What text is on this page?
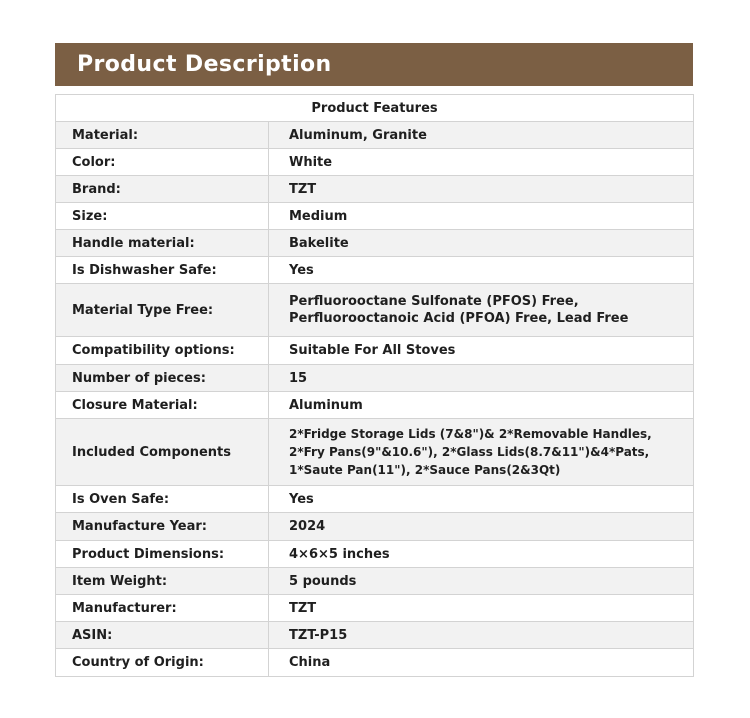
Product Description
Product Features	
Material:	Aluminum, Granite
Color:	White
Brand:	TZT
Size:	Medium
Handle material:	Bakelite
Is Dishwasher Safe:	Yes
Material Type Free:	Perfluorooctane Sulfonate (PFOS) Free,
Perfluorooctanoic Acid (PFOA) Free, Lead Free

Compatibility options:	Suitable For All Stoves
Number of pieces:	15
Closure Material:	Aluminum
Included Components	2*Fridge Storage Lids (7&8")& 2*Removable Handles,
2*Fry Pans(9"&10.6"), 2*Glass Lids(8.7&11")&4*Pats,
1*Saute Pan(11"), 2*Sauce Pans(2&3Qt)

Is Oven Safe:	Yes
Manufacture Year:	2024
Product Dimensions:	4×6×5 inches
Item Weight:	5 pounds
Manufacturer:	TZT
ASIN:	TZT-P15
Country of Origin:	China
